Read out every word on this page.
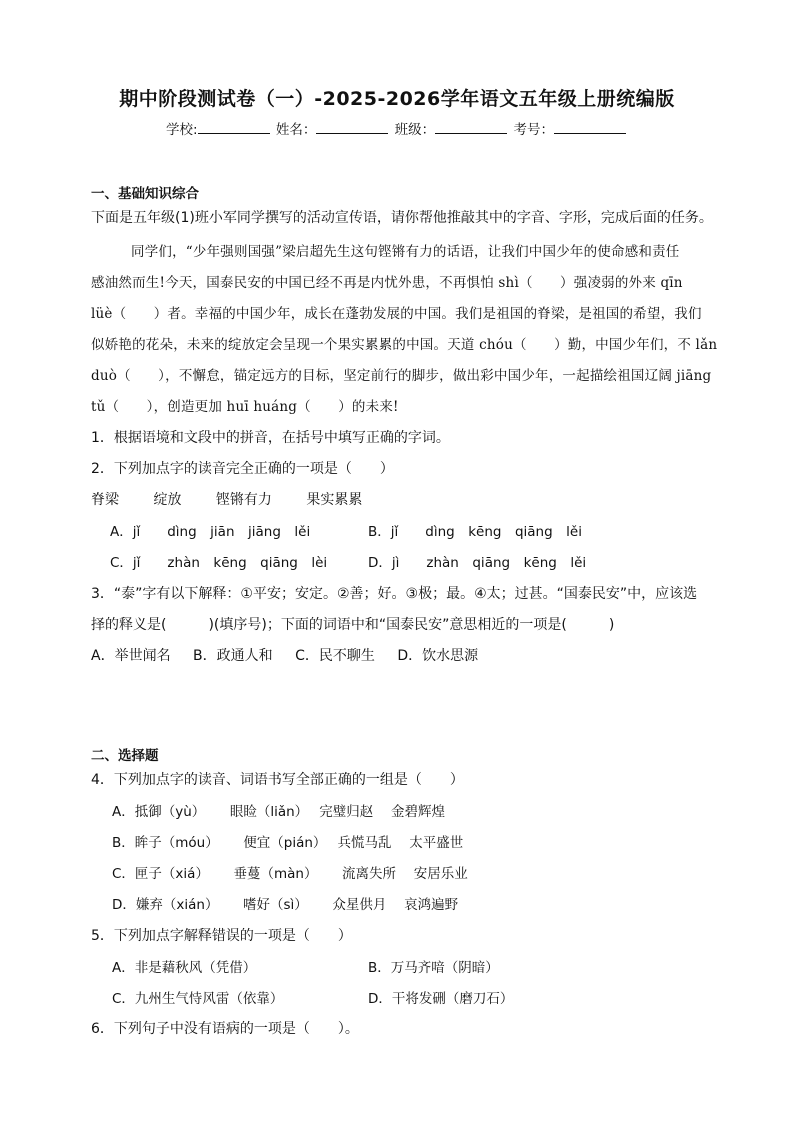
期中阶段测试卷（一）-2025-2026学年语文五年级上册统编版
学校:	姓名：	班级：	考号：
一、基础知识综合
下面是五年级(1)班小军同学撰写的活动宣传语，请你帮他推敲其中的字音、字形，完成后面的任务。
同学们，“少年强则国强”梁启超先生这句铿锵有力的话语，让我们中国少年的使命感和责任
感油然而生!今天，国泰民安的中国已经不再是内忧外患，不再惧怕 shì（　　）强凌弱的外来 qīn
lüè（　　）者。幸福的中国少年，成长在蓬勃发展的中国。我们是祖国的脊梁，是祖国的希望，我们
似娇艳的花朵，未来的绽放定会呈现一个果实累累的中国。天道 chóu（　　）勤，中国少年们，不 lǎn
duò（　　），不懈怠，锚定远方的目标，坚定前行的脚步，做出彩中国少年，一起描绘祖国辽阔 jiāng
tǔ（　　），创造更加 huī huáng（　　）的未来!
1．根据语境和文段中的拼音，在括号中填写正确的字词。
2．下列加点字的读音完全正确的一项是（　　）
脊梁 绽放 铿锵有力 果实累累
A．jǐ　　dìng　jiān　jiāng　lěi	B．jǐ　　dìng　kēng　qiāng　lěi
C．jǐ　　zhàn　kēng　qiāng　lèi	D．jì　　zhàn　qiāng　kēng　lěi
3．“泰”字有以下解释：①平安；安定。②善；好。③极；最。④太；过甚。“国泰民安”中，应该选
择的释义是(　　　)(填序号)；下面的词语中和“国泰民安”意思相近的一项是(　　　)
A．举世闻名 B．政通人和 C．民不聊生 D．饮水思源
二、选择题
4．下列加点字的读音、词语书写全部正确的一组是（　　）
A．抵御（yù）　　 眼睑（liǎn）　 完璧归赵　 金碧辉煌
B．眸子（móu）　　 便宜（pián）　 兵慌马乱　 太平盛世
C．匣子（xiá）　　 垂蔓（màn）　　 流离失所　 安居乐业
D．嫌弃（xián）　　 嗜好（sì）　　 众星供月　 哀鸿遍野
5．下列加点字解释错误的一项是（　　）
A．非是藉秋风（凭借）	B．万马齐喑（阴暗）
C．九州生气恃风雷（依靠）	D．干将发硎（磨刀石）
6．下列句子中没有语病的一项是（　　）。
